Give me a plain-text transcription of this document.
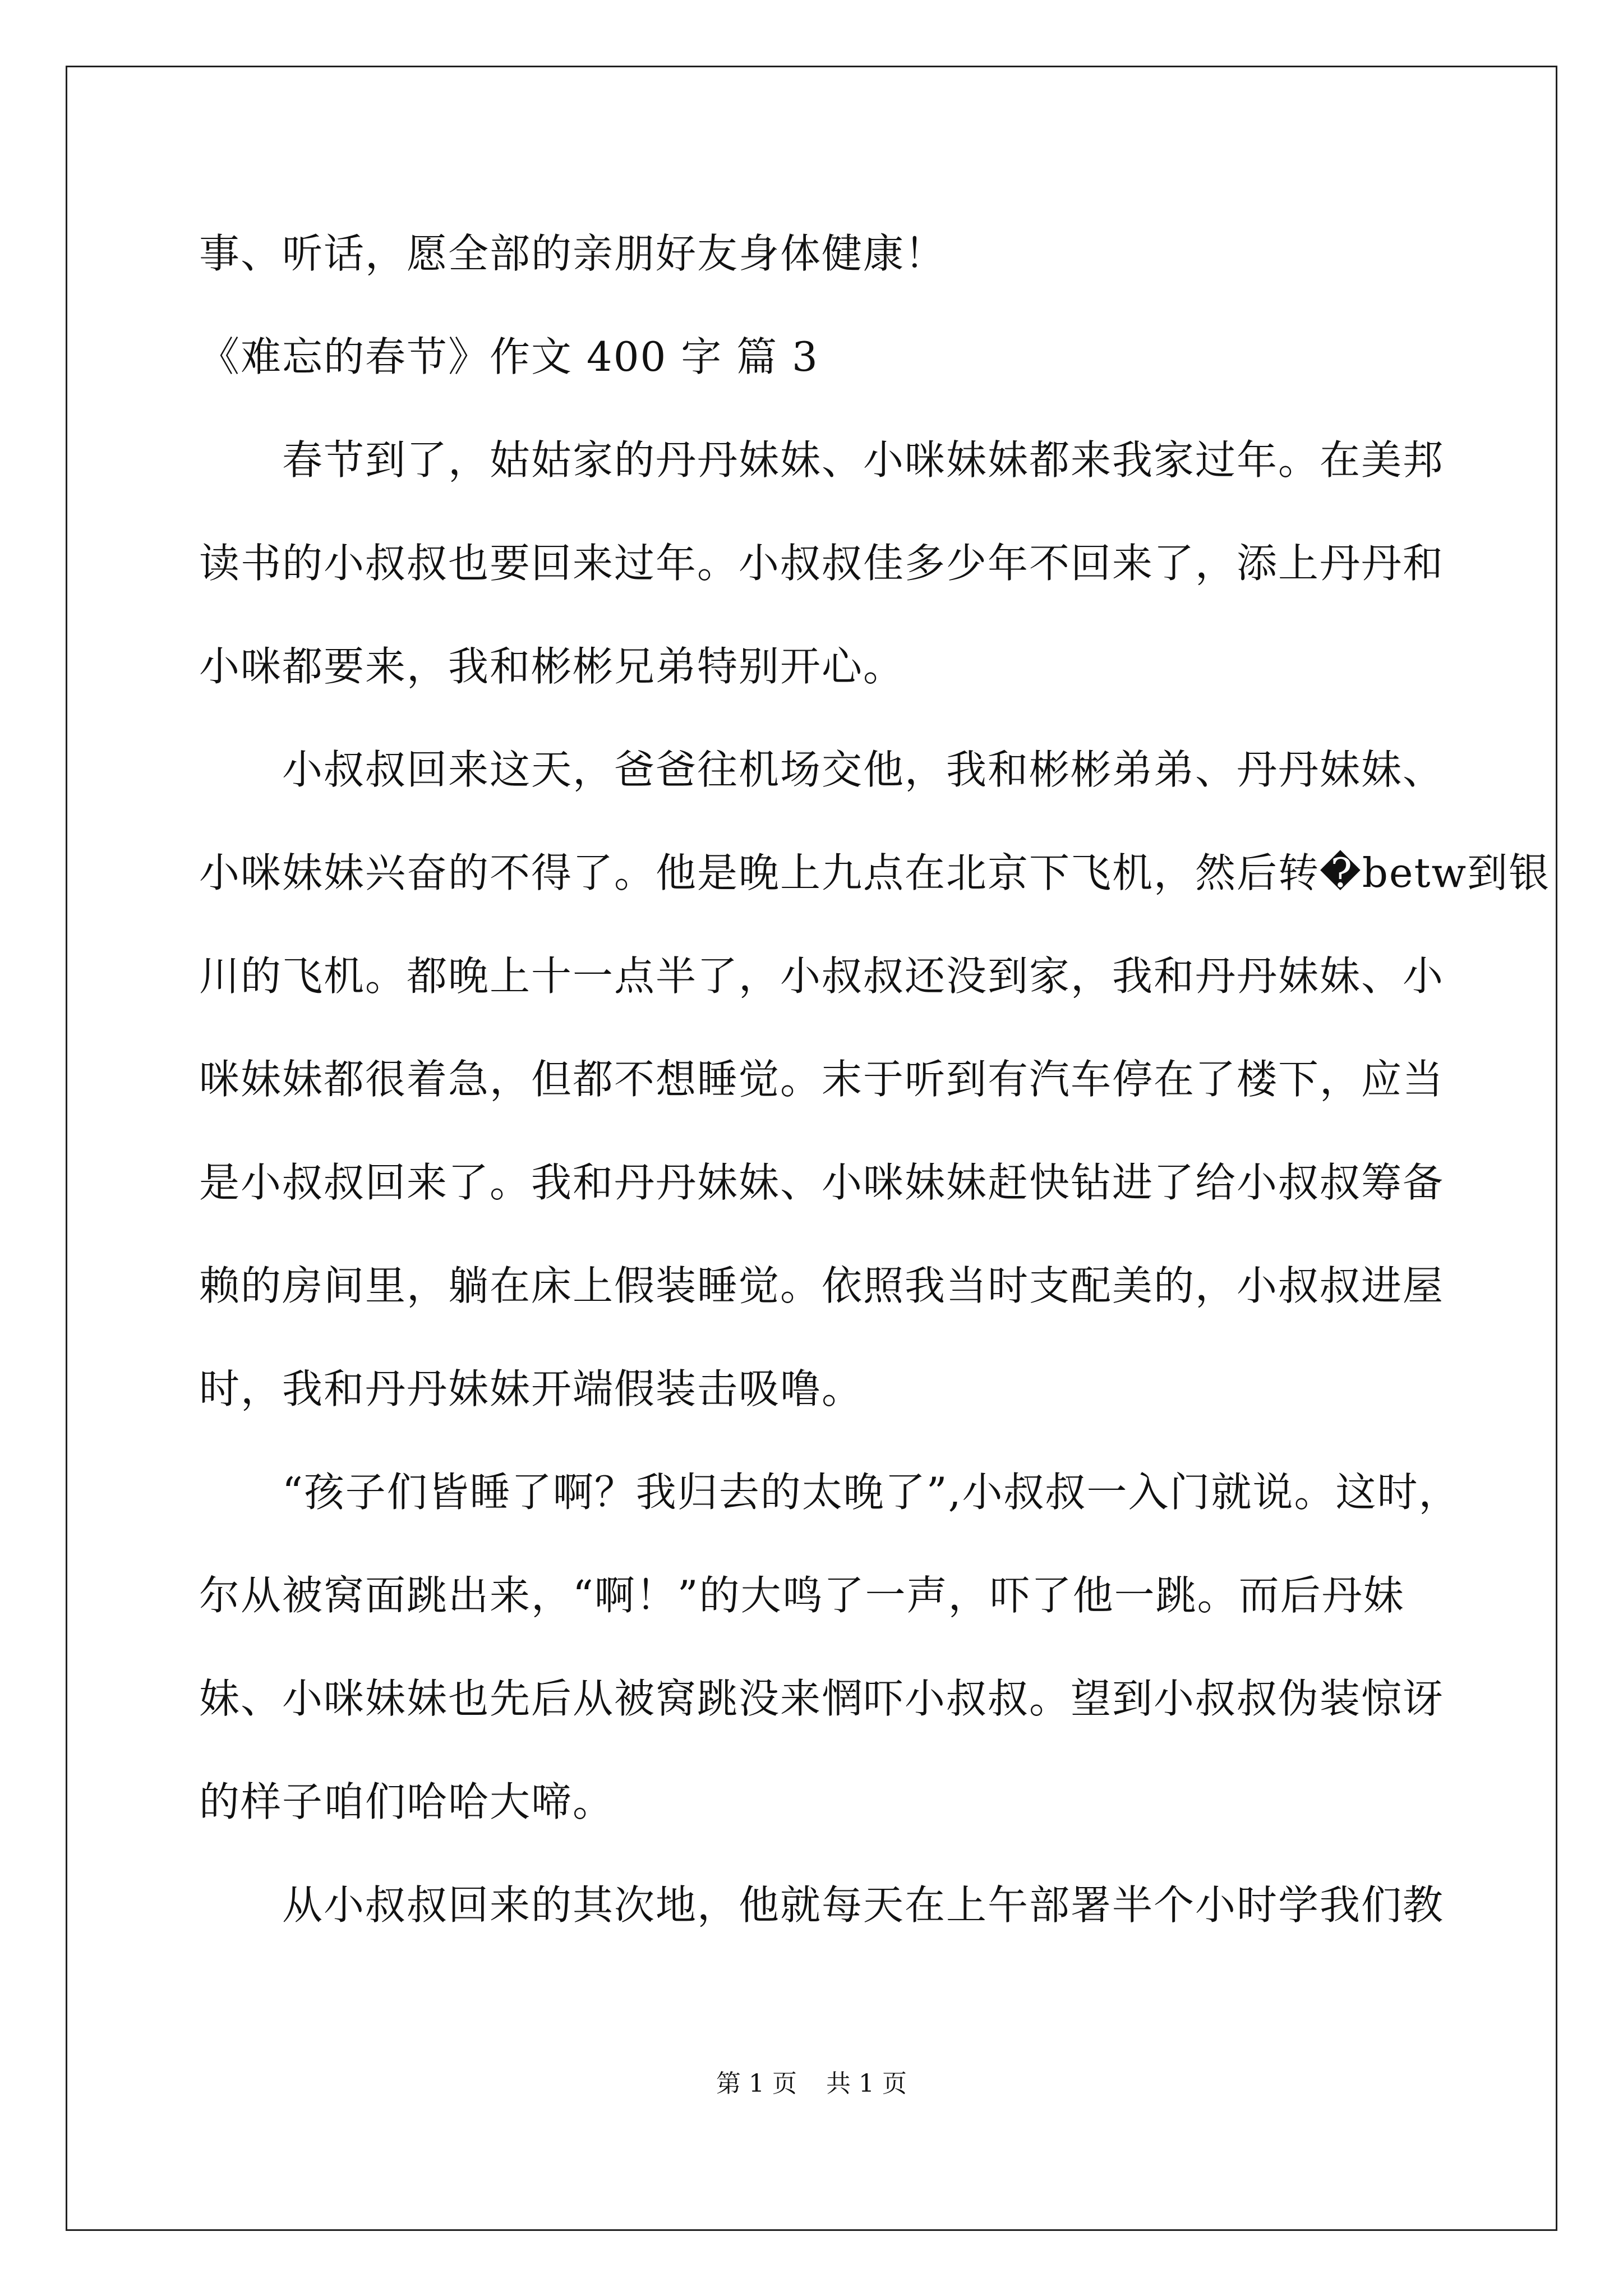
事、听话，愿全部的亲朋好友身体健康！
《难忘的春节》作文 400 字 篇 3
春节到了，姑姑家的丹丹妹妹、小咪妹妹都来我家过年。在美邦
读书的小叔叔也要回来过年。小叔叔佳多少年不回来了，添上丹丹和
小咪都要来，我和彬彬兄弟特别开心。
小叔叔回来这天，爸爸往机场交他，我和彬彬弟弟、丹丹妹妹、
小咪妹妹兴奋的不得了。他是晚上九点在北京下飞机，然后转�betw到银
川的飞机。都晚上十一点半了，小叔叔还没到家，我和丹丹妹妹、小
咪妹妹都很着急，但都不想睡觉。末于听到有汽车停在了楼下，应当
是小叔叔回来了。我和丹丹妹妹、小咪妹妹赶快钻进了给小叔叔筹备
赖的房间里，躺在床上假装睡觉。依照我当时支配美的，小叔叔进屋
时，我和丹丹妹妹开端假装击吸噜。
“孩子们皆睡了啊？我归去的太晚了”,小叔叔一入门就说。这时，
尔从被窝面跳出来，“啊！”的大鸣了一声，吓了他一跳。而后丹妹
妹、小咪妹妹也先后从被窝跳没来惘吓小叔叔。望到小叔叔伪装惊讶
的样子咱们哈哈大啼。
从小叔叔回来的其次地，他就每天在上午部署半个小时学我们教
第 1 页 共 1 页
